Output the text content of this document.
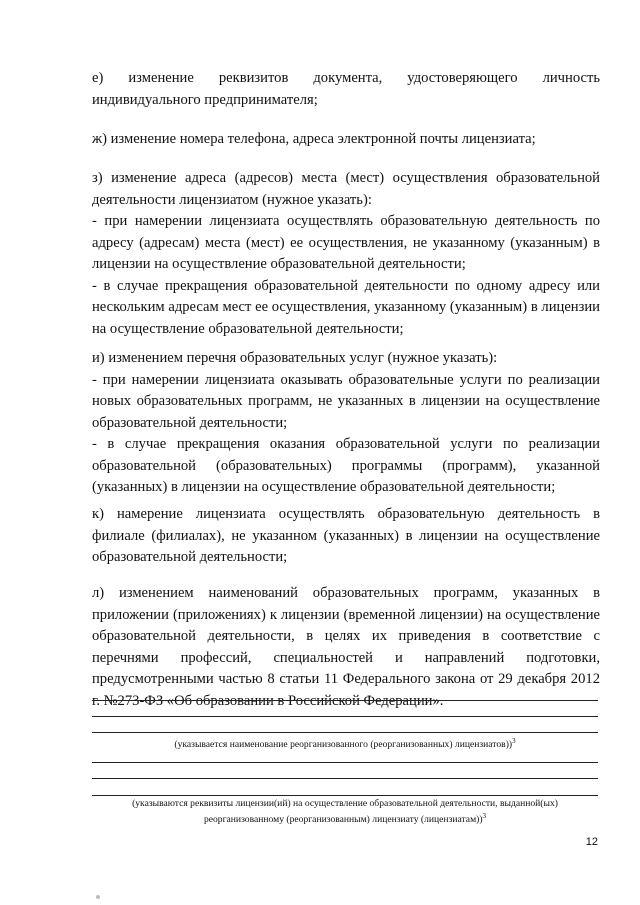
е) изменение реквизитов документа, удостоверяющего личность индивидуального предпринимателя;
ж) изменение номера телефона, адреса электронной почты лицензиата;
з) изменение адреса (адресов) места (мест) осуществления образовательной деятельности лицензиатом (нужное указать):
- при намерении лицензиата осуществлять образовательную деятельность по адресу (адресам) места (мест) ее осуществления, не указанному (указанным) в лицензии на осуществление образовательной деятельности;
- в случае прекращения образовательной деятельности по одному адресу или нескольким адресам мест ее осуществления, указанному (указанным) в лицензии на осуществление образовательной деятельности;
и) изменением перечня образовательных услуг (нужное указать):
- при намерении лицензиата оказывать образовательные услуги по реализации новых образовательных программ, не указанных в лицензии на осуществление образовательной деятельности;
- в случае прекращения оказания образовательной услуги по реализации образовательной (образовательных) программы (программ), указанной (указанных) в лицензии на осуществление образовательной деятельности;
к) намерение лицензиата осуществлять образовательную деятельность в филиале (филиалах), не указанном (указанных) в лицензии на осуществление образовательной деятельности;
л) изменением наименований образовательных программ, указанных в приложении (приложениях) к лицензии (временной лицензии) на осуществление образовательной деятельности, в целях их приведения в соответствие с перечнями профессий, специальностей и направлений подготовки, предусмотренными частью 8 статьи 11 Федерального закона от 29 декабря 2012 г. №273-ФЗ «Об образовании в Российской Федерации».
(указывается наименование реорганизованного (реорганизованных) лицензиатов))$^3$
(указываются реквизиты лицензии(ий) на осуществление образовательной деятельности, выданной(ых)
реорганизованному (реорганизованным) лицензиату (лицензиатам))$^3$
12
